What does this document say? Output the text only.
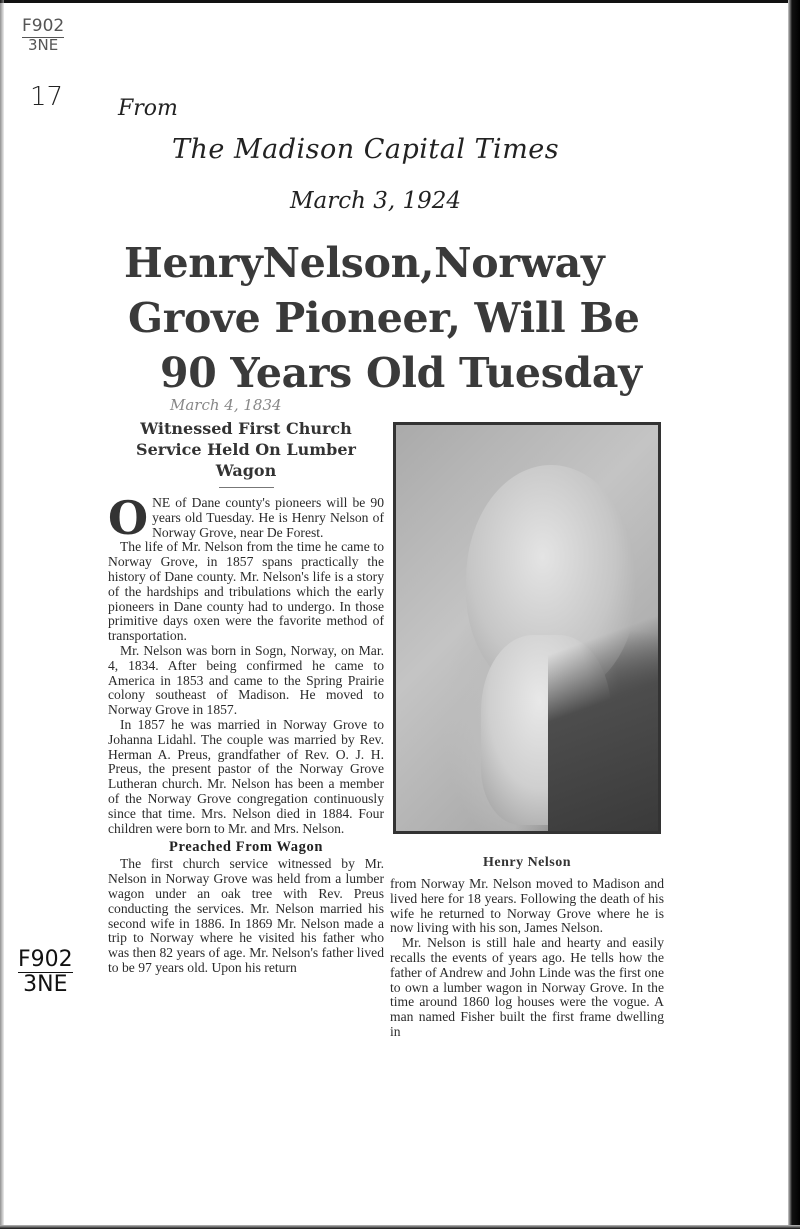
F902
3NE
17 From
The Madison Capital Times
March 3, 1924
HenryNelson,Norway
Grove Pioneer, Will Be
90 Years Old Tuesday
March 4, 1834
Witnessed First Church Service Held On Lumber Wagon

ONE of Dane county's pioneers will be 90 years old Tuesday. He is Henry Nelson of Norway Grove, near De Forest.

The life of Mr. Nelson from the time he came to Norway Grove, in 1857 spans practically the history of Dane county. Mr. Nelson's life is a story of the hardships and tribulations which the early pioneers in Dane county had to undergo. In those primitive days oxen were the favorite method of transportation.

Mr. Nelson was born in Sogn, Norway, on Mar. 4, 1834. After being confirmed he came to America in 1853 and came to the Spring Prairie colony southeast of Madison. He moved to Norway Grove in 1857.

In 1857 he was married in Norway Grove to Johanna Lidahl. The couple was married by Rev. Herman A. Preus, grandfather of Rev. O. J. H. Preus, the present pastor of the Norway Grove Lutheran church. Mr. Nelson has been a member of the Norway Grove congregation continuously since that time. Mrs. Nelson died in 1884. Four children were born to Mr. and Mrs. Nelson.

Preached From Wagon

The first church service witnessed by Mr. Nelson in Norway Grove was held from a lumber wagon under an oak tree with Rev. Preus conducting the services. Mr. Nelson married his second wife in 1886. In 1869 Mr. Nelson made a trip to Norway where he visited his father who was then 82 years of age. Mr. Nelson's father lived to be 97 years old. Upon his return

Henry Nelson

from Norway Mr. Nelson moved to Madison and lived here for 18 years. Following the death of his wife he returned to Norway Grove where he is now living with his son, James Nelson.

Mr. Nelson is still hale and hearty and easily recalls the events of years ago. He tells how the father of Andrew and John Linde was the first one to own a lumber wagon in Norway Grove. In the time around 1860 log houses were the vogue. A man named Fisher built the first frame dwelling in

F902
3NE
